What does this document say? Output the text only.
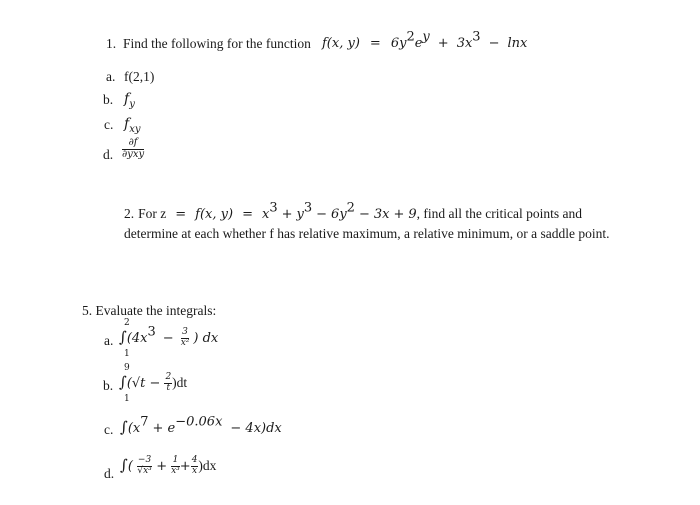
1. Find the following for the function f(x, $y) = 6y^2e^y + 3x^3 - \ln x$
a. f(2,1)
b. $f_y$
c. $f_{xy}$
d. $\frac{\partial f}{\text{∂yxy}}$
2. For z = f(x, $y) = x^3 + y^3 - 6y^2 - 3x + 9$, find all the critical points and
determine at each whether f has relative maximum, a relative minimum, or a saddle point.
5. Evaluate the integrals:
a.
2
1
$\int(4x^3 - \frac{3}{\text{x²}}$ ) dx
b.
9
1
$\int(√t - \frac{2}{t} )dt$
c. $\int(x^7 + e^{-0.06x} - 4x)dx$
d. ∫( $\frac{-3}{\text{√x³}} + \frac{1}{\text{x³}} + \frac{4}{x} )dx$
